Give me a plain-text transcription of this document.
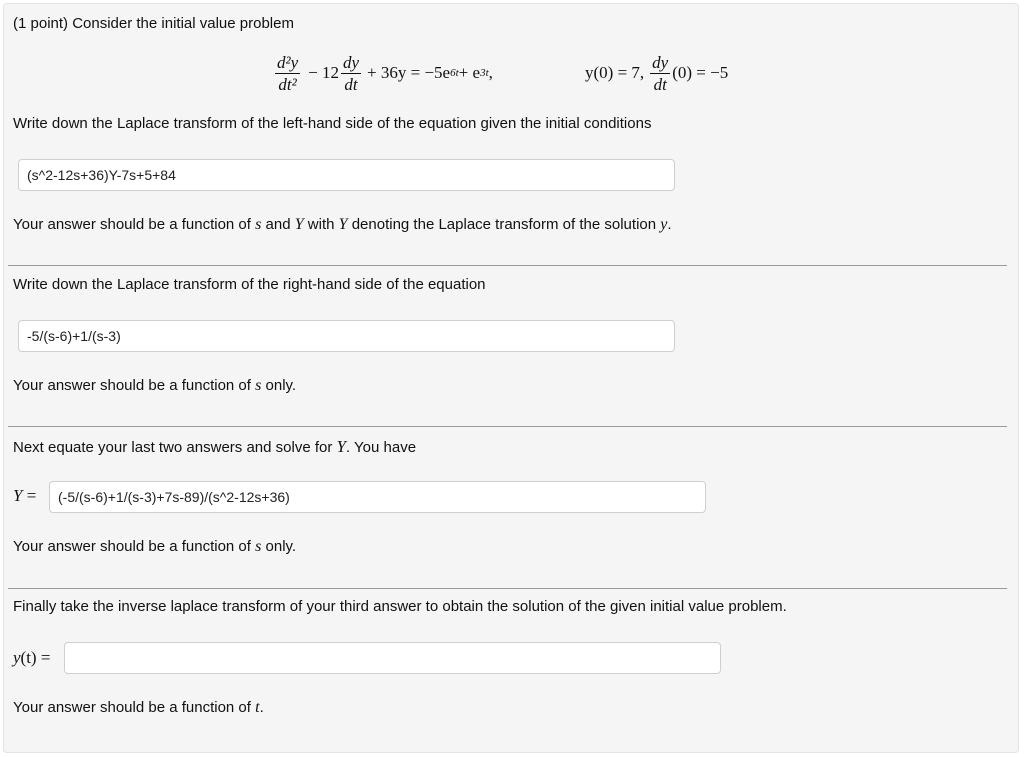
(1 point) Consider the initial value problem
$\frac{\text{d²y}}{\text{dt²}} - 12 \frac{dy}{dt} + 36y = -5e$ 6t + e 3t ,	y(0) = 7, $\frac{dy}{dt} (0) = -5$
Write down the Laplace transform of the left-hand side of the equation given the initial conditions
(s^2-12s+36)Y-7s+5+84
Your answer should be a function of s and Y with Y denoting the Laplace transform of the solution y.
Write down the Laplace transform of the right-hand side of the equation
-5/(s-6)+1/(s-3)
Your answer should be a function of s only.
Next equate your last two answers and solve for Y. You have
Y =
(-5/(s-6)+1/(s-3)+7s-89)/(s^2-12s+36)
Your answer should be a function of s only.
Finally take the inverse laplace transform of your third answer to obtain the solution of the given initial value problem.
y(t) =
Your answer should be a function of t.
